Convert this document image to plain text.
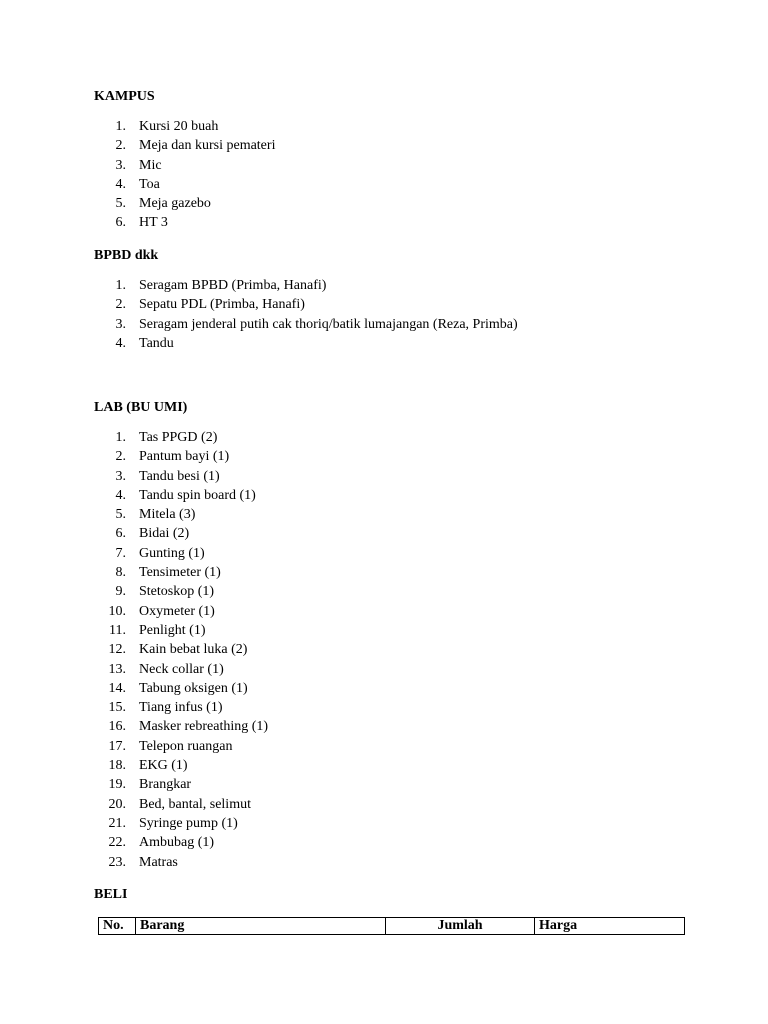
KAMPUS
1. Kursi 20 buah
2. Meja dan kursi pemateri
3. Mic
4. Toa
5. Meja gazebo
6. HT 3
BPBD dkk
1. Seragam BPBD (Primba, Hanafi)
2. Sepatu PDL (Primba, Hanafi)
3. Seragam jenderal putih cak thoriq/batik lumajangan (Reza, Primba)
4. Tandu
LAB (BU UMI)
1. Tas PPGD (2)
2. Pantum bayi (1)
3. Tandu besi (1)
4. Tandu spin board (1)
5. Mitela (3)
6. Bidai (2)
7. Gunting (1)
8. Tensimeter (1)
9. Stetoskop (1)
10. Oxymeter (1)
11. Penlight (1)
12. Kain bebat luka (2)
13. Neck collar (1)
14. Tabung oksigen (1)
15. Tiang infus (1)
16. Masker rebreathing (1)
17. Telepon ruangan
18. EKG (1)
19. Brangkar
20. Bed, bantal, selimut
21. Syringe pump (1)
22. Ambubag (1)
23. Matras
BELI
No.	Barang	Jumlah	Harga
